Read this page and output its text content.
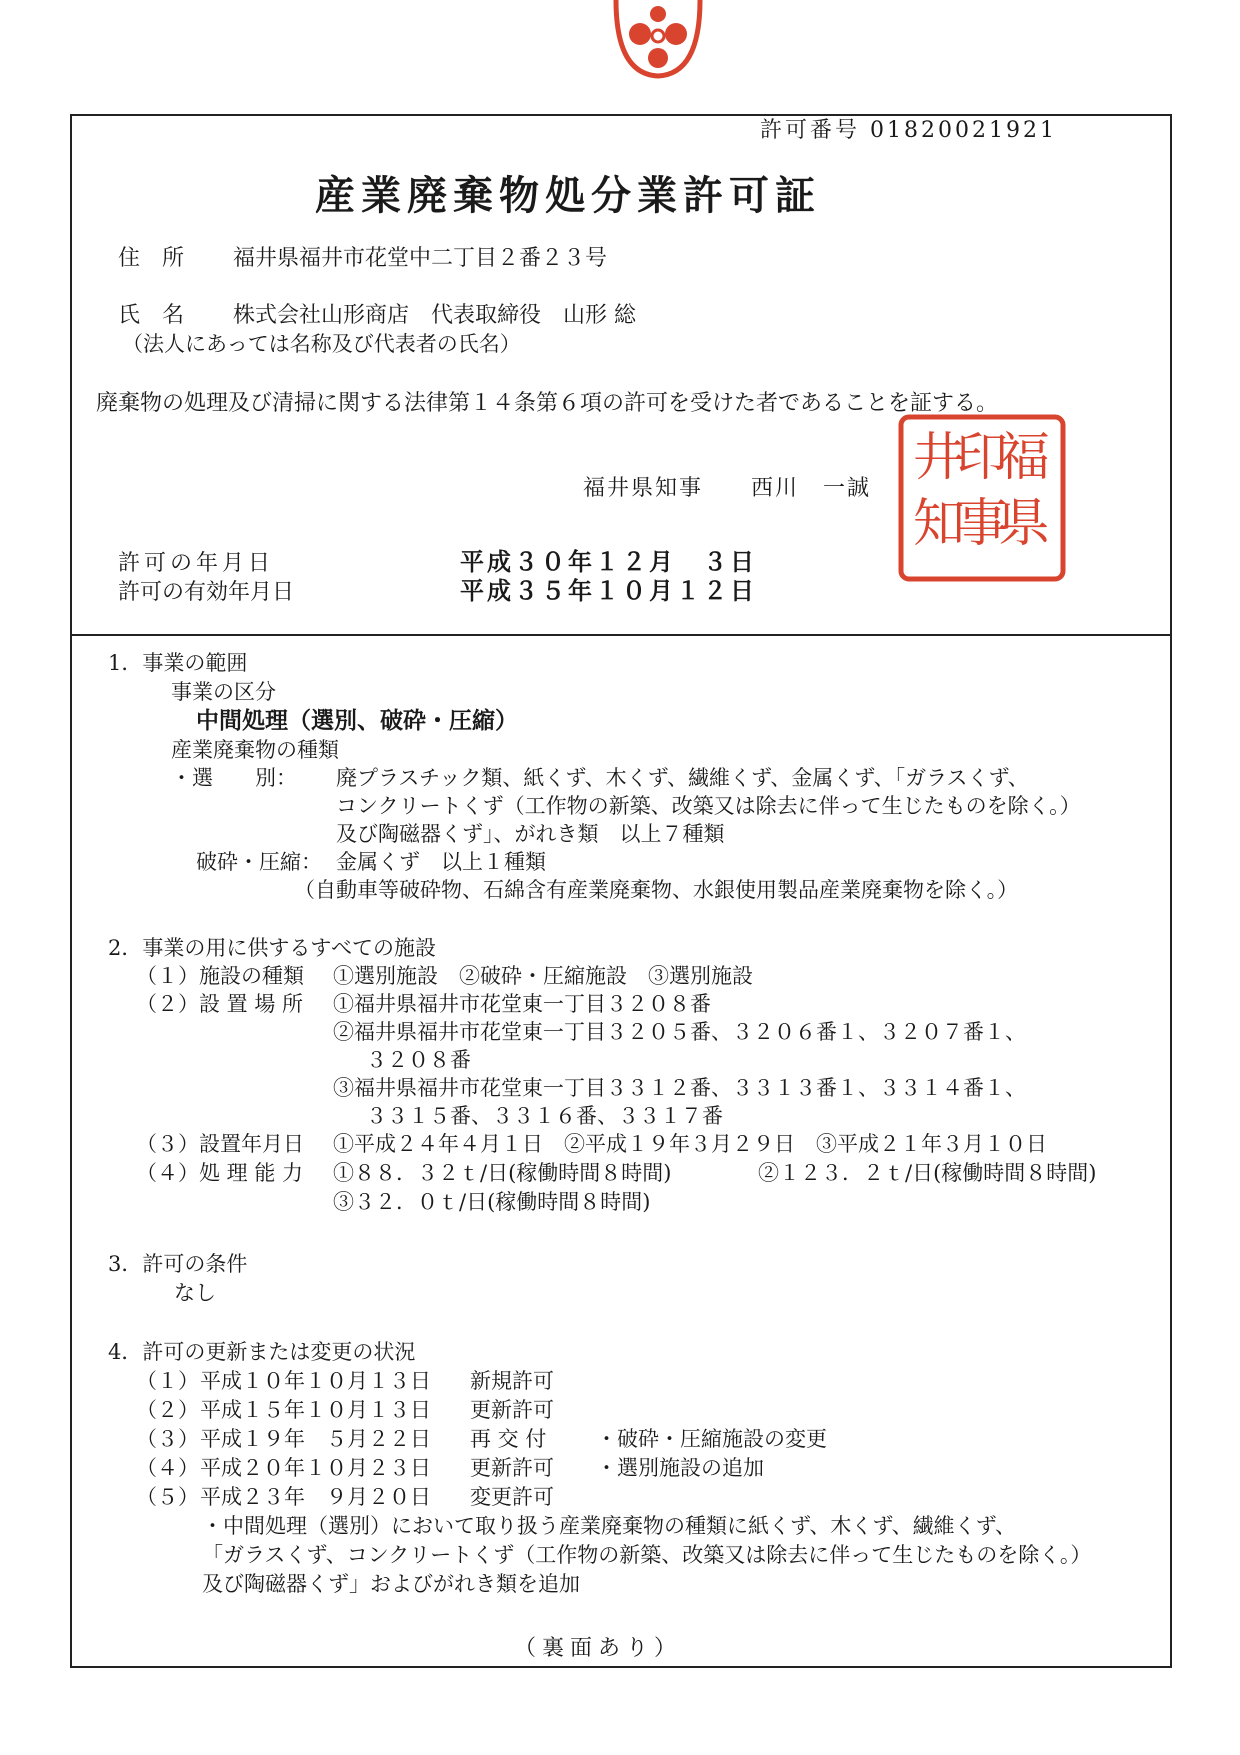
許可番号 01820021921
産業廃棄物処分業許可証
住　所 福井県福井市花堂中二丁目２番２３号
氏　名 株式会社山形商店　代表取締役　山形 総
（法人にあっては名称及び代表者の氏名）
廃棄物の処理及び清掃に関する法律第１４条第６項の許可を受けた者であることを証する。
福井県知事　　西川　一誠
福
井
県
知
事
印
許可の年月日	平成３０年１２月　３日
許可の有効年月日	平成３５年１０月１２日
1．事業の範囲
事業の区分
中間処理（選別、破砕・圧縮）
産業廃棄物の種類
・選　　別： 廃プラスチック類、紙くず、木くず、繊維くず、金属くず、「ガラスくず、
コンクリートくず（工作物の新築、改築又は除去に伴って生じたものを除く。）
及び陶磁器くず」、がれき類　以上７種類
破砕・圧縮： 金属くず　以上１種類
（自動車等破砕物、石綿含有産業廃棄物、水銀使用製品産業廃棄物を除く。）
2．事業の用に供するすべての施設
（１）施設の種類 ①選別施設　②破砕・圧縮施設　③選別施設
（２）設 置 場 所 ①福井県福井市花堂東一丁目３２０８番
②福井県福井市花堂東一丁目３２０５番、３２０６番１、３２０７番１、
３２０８番
③福井県福井市花堂東一丁目３３１２番、３３１３番１、３３１４番１、
３３１５番、３３１６番、３３１７番
（３）設置年月日 ①平成２４年４月１日　②平成１９年３月２９日　③平成２１年３月１０日
（４）処 理 能 力 ①８８．３２ｔ/日(稼働時間８時間)	②１２３．２ｔ/日(稼働時間８時間)
③３２．０ｔ/日(稼働時間８時間)
3．許可の条件
なし
4．許可の更新または変更の状況
（１） 平成１０年１０月１３日 新規許可
（２） 平成１５年１０月１３日 更新許可
（３） 平成１９年　５月２２日 再 交 付 ・破砕・圧縮施設の変更
（４） 平成２０年１０月２３日 更新許可 ・選別施設の追加
（５） 平成２３年　９月２０日 変更許可
・中間処理（選別）において取り扱う産業廃棄物の種類に紙くず、木くず、繊維くず、
「ガラスくず、コンクリートくず（工作物の新築、改築又は除去に伴って生じたものを除く。）
及び陶磁器くず」およびがれき類を追加
（裏面あり）
